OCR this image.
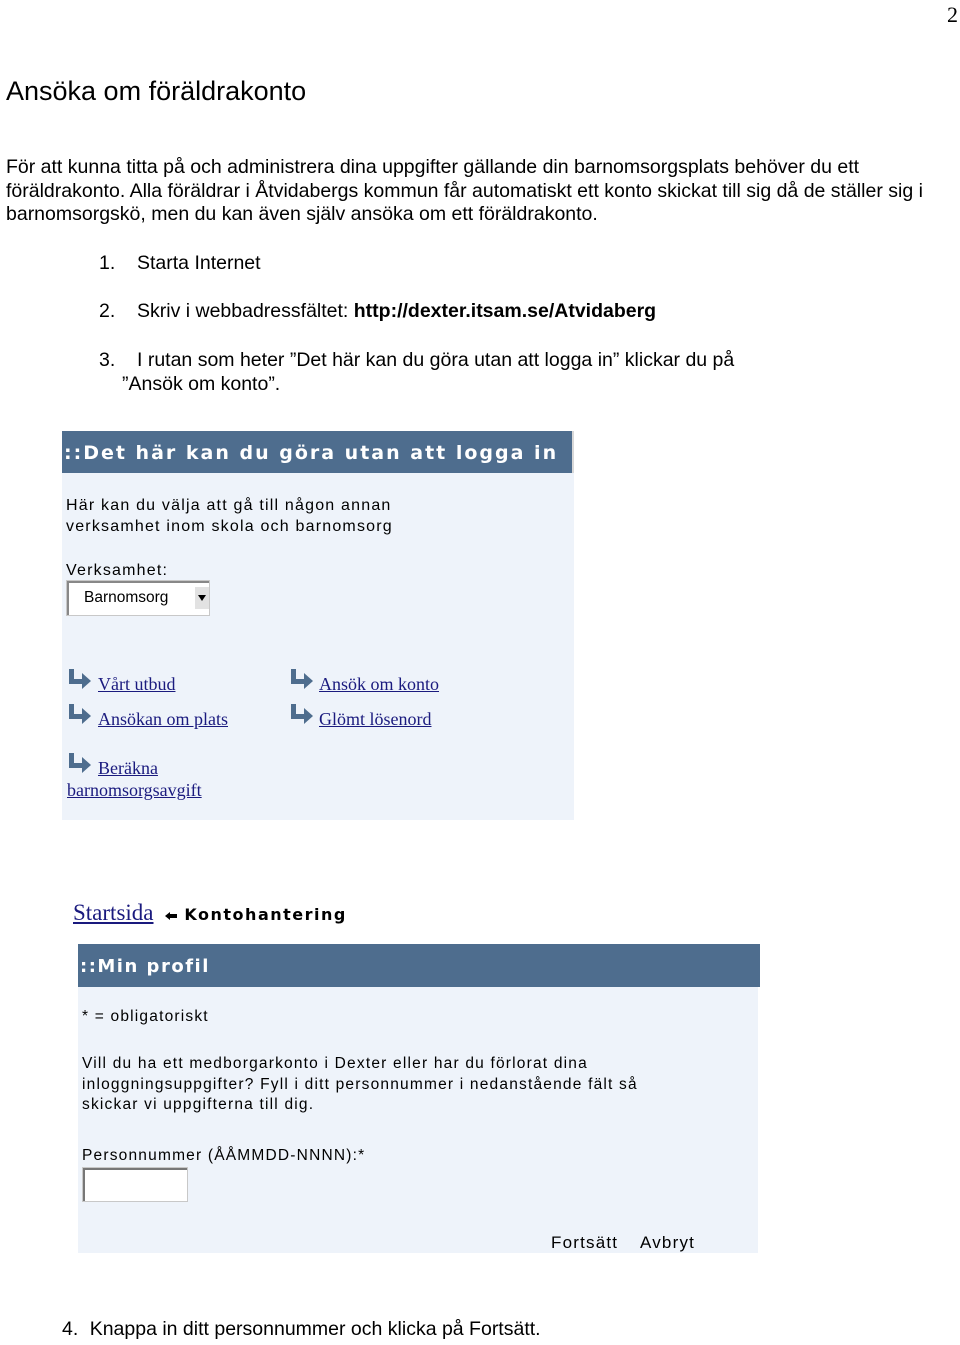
2
Ansöka om föräldrakonto
För att kunna titta på och administrera dina uppgifter gällande din barnomsorgsplats behöver du ett föräldrakonto. Alla föräldrar i Åtvidabergs kommun får automatiskt ett konto skickat till sig då de ställer sig i barnomsorgskö, men du kan även själv ansöka om ett föräldrakonto.
1. Starta Internet
2. Skriv i webbadressfältet: http://dexter.itsam.se/Atvidaberg
3. I rutan som heter ”Det här kan du göra utan att logga in” klickar du på
”Ansök om konto”.
::Det här kan du göra utan att logga in
Här kan du välja att gå till någon annan
verksamhet inom skola och barnomsorg
Verksamhet:
Barnomsorg
Vårt utbud	Ansök om konto
Ansökan om plats	Glömt lösenord
Beräkna
barnomsorgsavgift
Startsida Kontohantering
::Min profil
* = obligatoriskt
Vill du ha ett medborgarkonto i Dexter eller har du förlorat dina
inloggningsuppgifter? Fyll i ditt personnummer i nedanstående fält så
skickar vi uppgifterna till dig.
Personnummer (ÅÅMMDD-NNNN):*
Fortsätt Avbryt
4. Knappa in ditt personnummer och klicka på Fortsätt.
